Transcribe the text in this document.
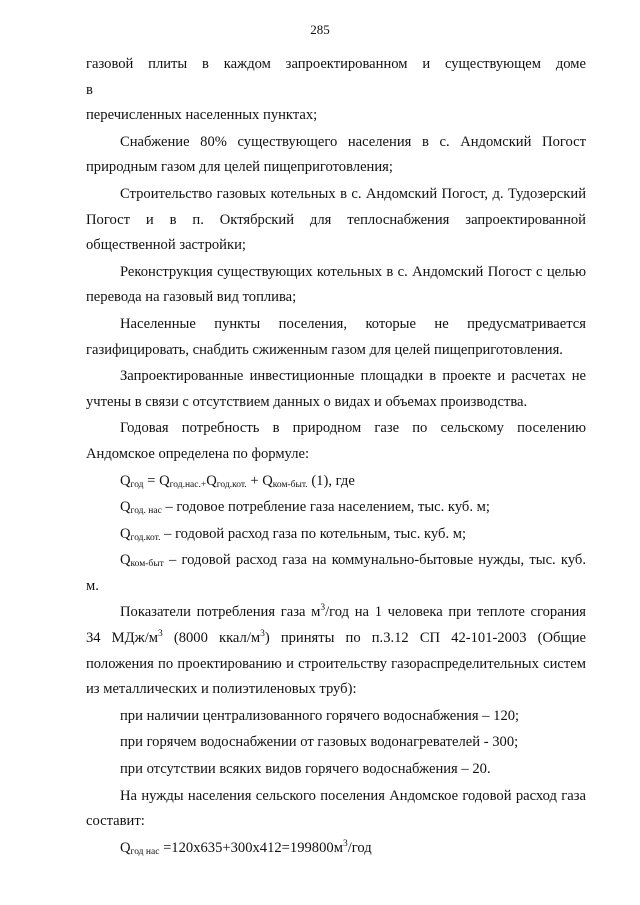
285

газовой плиты в каждом запроектированном и существующем доме в

перечисленных населенных пунктах;

Снабжение 80% существующего населения в с. Андомский Погост природным газом для целей пищеприготовления;

Строительство газовых котельных в с. Андомский Погост, д. Тудозерский Погост и в п. Октябрский для теплоснабжения запроектированной общественной застройки;

Реконструкция существующих котельных в с. Андомский Погост с целью перевода на газовый вид топлива;

Населенные пункты поселения, которые не предусматривается газифицировать, снабдить сжиженным газом для целей пищеприготовления.

Запроектированные инвестиционные площадки в проекте и расчетах не учтены в связи с отсутствием данных о видах и объемах производства.

Годовая потребность в природном газе по сельскому поселению Андомское определена по формуле:

$Q_{год} = Q_{год.нас.+}Q_{год.кот.} + Q_{ком-быт.}$ (1), где

$Q_{год. нас}$ – годовое потребление газа населением, тыс. куб. м;

$Q_{год.кот.}$ – годовой расход газа по котельным, тыс. куб. м;

$Q_{ком-быт}$ – годовой расход газа на коммунально-бытовые нужды, тыс. куб. м.

Показатели потребления газа $м^3$/год на 1 человека при теплоте сгорания 34 МДж/$м^3$ (8000 ккал/$м^3$) приняты по п.3.12 СП 42-101-2003 (Общие положения по проектированию и строительству газораспределительных систем из металлических и полиэтиленовых труб):

при наличии централизованного горячего водоснабжения – 120;

при горячем водоснабжении от газовых водонагревателей - 300;

при отсутствии всяких видов горячего водоснабжения – 20.

На нужды населения сельского поселения Андомское годовой расход газа составит:

$Q_{год нас} =120х635+300х412=199800м^3/год$
